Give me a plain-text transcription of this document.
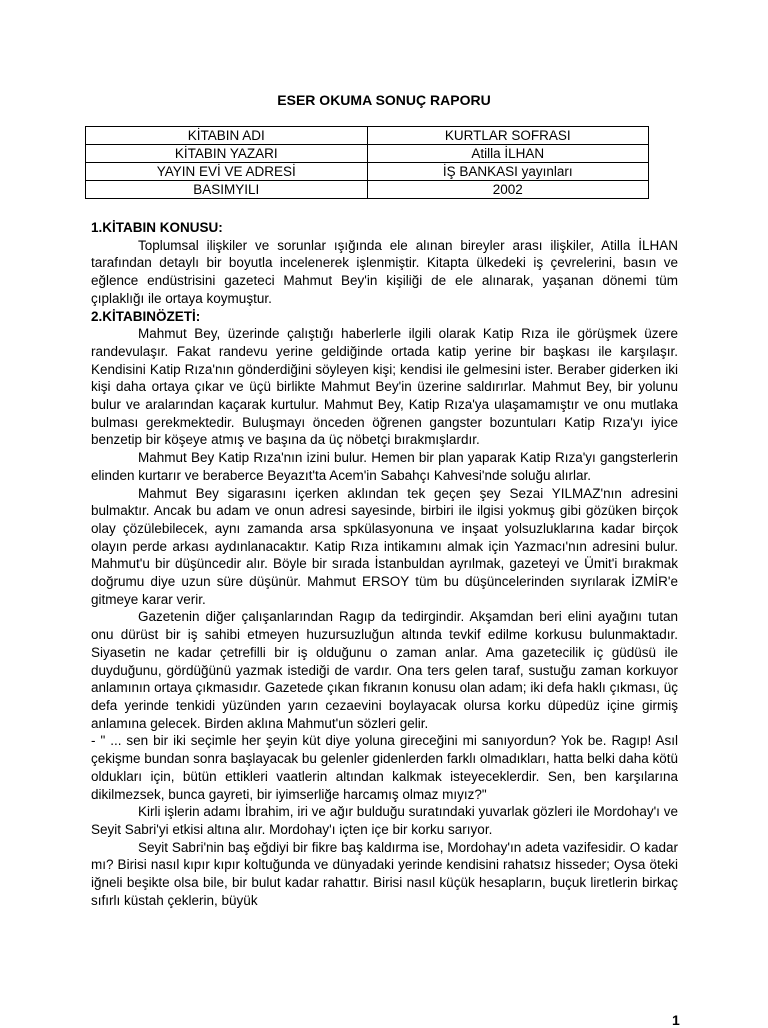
ESER OKUMA SONUÇ RAPORU
KİTABIN ADI	KURTLAR SOFRASI
KİTABIN YAZARI	Atilla İLHAN
YAYIN EVİ VE ADRESİ	İŞ BANKASI yayınları
BASIMYILI	2002
1.KİTABIN KONUSU:

Toplumsal ilişkiler ve sorunlar ışığında ele alınan bireyler arası ilişkiler, Atilla İLHAN tarafından detaylı bir boyutla incelenerek işlenmiştir. Kitapta ülkedeki iş çevrelerini, basın ve eğlence endüstrisini gazeteci Mahmut Bey'in kişiliği de ele alınarak, yaşanan dönemi tüm çıplaklığı ile ortaya koymuştur.

2.KİTABINÖZETİ:

Mahmut Bey, üzerinde çalıştığı haberlerle ilgili olarak Katip Rıza ile görüşmek üzere randevulaşır. Fakat randevu yerine geldiğinde ortada katip yerine bir başkası ile karşılaşır. Kendisini Katip Rıza'nın gönderdiğini söyleyen kişi; kendisi ile gelmesini ister. Beraber giderken iki kişi daha ortaya çıkar ve üçü birlikte Mahmut Bey'in üzerine saldırırlar. Mahmut Bey, bir yolunu bulur ve aralarından kaçarak kurtulur. Mahmut Bey, Katip Rıza'ya ulaşamamıştır ve onu mutlaka bulması gerekmektedir. Buluşmayı önceden öğrenen gangster bozuntuları Katip Rıza'yı iyice benzetip bir köşeye atmış ve başına da üç nöbetçi bırakmışlardır.

Mahmut Bey Katip Rıza'nın izini bulur. Hemen bir plan yaparak Katip Rıza'yı gangsterlerin elinden kurtarır ve beraberce Beyazıt'ta Acem'in Sabahçı Kahvesi'nde soluğu alırlar.

Mahmut Bey sigarasını içerken aklından tek geçen şey Sezai YILMAZ'nın adresini bulmaktır. Ancak bu adam ve onun adresi sayesinde, birbiri ile ilgisi yokmuş gibi gözüken birçok olay çözülebilecek, aynı zamanda arsa spkülasyonuna ve inşaat yolsuzluklarına kadar birçok olayın perde arkası aydınlanacaktır. Katip Rıza intikamını almak için Yazmacı'nın adresini bulur. Mahmut'u bir düşüncedir alır. Böyle bir sırada İstanbuldan ayrılmak, gazeteyi ve Ümit'i bırakmak doğrumu diye uzun süre düşünür. Mahmut ERSOY tüm bu düşüncelerinden sıyrılarak İZMİR'e gitmeye karar verir.

Gazetenin diğer çalışanlarından Ragıp da tedirgindir. Akşamdan beri elini ayağını tutan onu dürüst bir iş sahibi etmeyen huzursuzluğun altında tevkif edilme korkusu bulunmaktadır. Siyasetin ne kadar çetrefilli bir iş olduğunu o zaman anlar. Ama gazetecilik iç güdüsü ile duyduğunu, gördüğünü yazmak istediği de vardır. Ona ters gelen taraf, sustuğu zaman korkuyor anlamının ortaya çıkmasıdır. Gazetede çıkan fıkranın konusu olan adam; iki defa haklı çıkması, üç defa yerinde tenkidi yüzünden yarın cezaevini boylayacak olursa korku düpedüz içine girmiş anlamına gelecek. Birden aklına Mahmut'un sözleri gelir.

- " ... sen bir iki seçimle her şeyin küt diye yoluna gireceğini mi sanıyordun? Yok be. Ragıp! Asıl çekişme bundan sonra başlayacak bu gelenler gidenlerden farklı olmadıkları, hatta belki daha kötü oldukları için, bütün ettikleri vaatlerin altından kalkmak isteyeceklerdir. Sen, ben karşılarına dikilmezsek, bunca gayreti, bir iyimserliğe harcamış olmaz mıyız?"

Kirli işlerin adamı İbrahim, iri ve ağır bulduğu suratındaki yuvarlak gözleri ile Mordohay'ı ve Seyit Sabri'yi etkisi altına alır. Mordohay'ı içten içe bir korku sarıyor.

Seyit Sabri'nin baş eğdiyi bir fikre baş kaldırma ise, Mordohay'ın adeta vazifesidir. O kadar mı? Birisi nasıl kıpır kıpır koltuğunda ve dünyadaki yerinde kendisini rahatsız hisseder; Oysa öteki iğneli beşikte olsa bile, bir bulut kadar rahattır. Birisi nasıl küçük hesapların, buçuk liretlerin birkaç sıfırlı küstah çeklerin, büyük

1
